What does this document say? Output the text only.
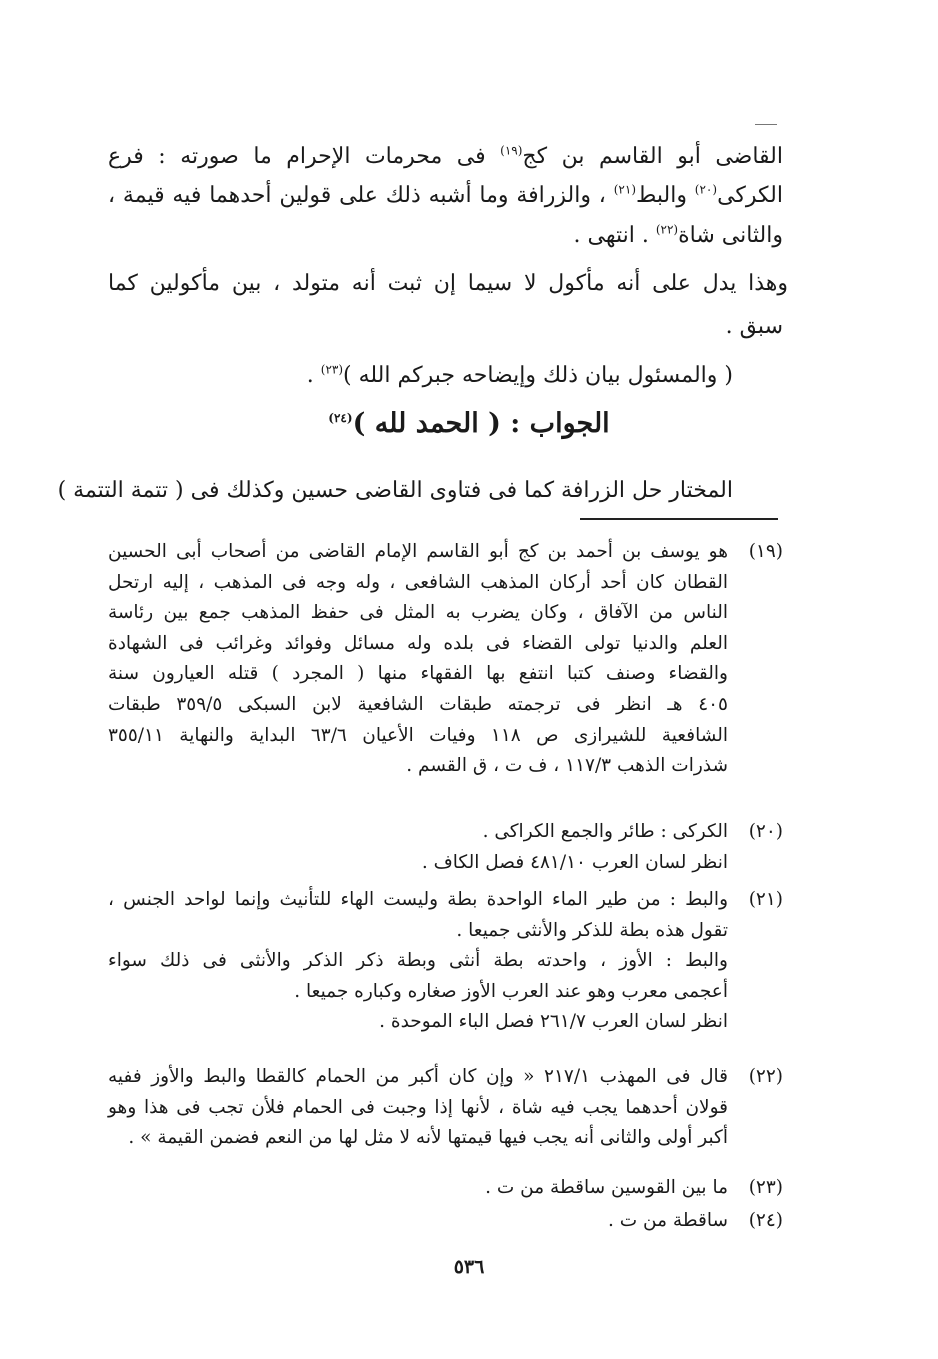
القاضى أبو القاسم بن كج$^{(١٩)}$ فى محرمات الإحرام ما صورته : فرع
الكركى$^{(٢٠)}$ والبط$^{(٢١)}$ ، والزرافة وما أشبه ذلك على قولين أحدهما فيه قيمة ،
والثانى شاة$^{(٢٢)}$ . انتهى .
وهذا يدل على أنه مأكول لا سيما إن ثبت أنه متولد ، بين مأكولين كما
سبق .
( والمسئول بيان ذلك وإيضاحه جبركم الله )$^{(٢٣)}$ .
الجواب : ( الحمد لله )$^{(٢٤)}$
المختار حل الزرافة كما فى فتاوى القاضى حسين وكذلك فى ( تتمة التتمة )
(١٩)
هو يوسف بن أحمد بن كج أبو القاسم الإمام القاضى من أصحاب أبى الحسين
القطان كان أحد أركان المذهب الشافعى ، وله وجه فى المذهب ، إليه ارتحل
الناس من الآفاق ، وكان يضرب به المثل فى حفظ المذهب جمع بين رئاسة
العلم والدنيا تولى القضاء فى بلده وله مسائل وفوائد وغرائب فى الشهادة
والقضاء وصنف كتبا انتفع بها الفقهاء منها ( المجرد ) قتله العيارون سنة
٤٠٥ هـ انظر فى ترجمته طبقات الشافعية لابن السبكى ٣٥٩/٥ طبقات
الشافعية للشيرازى ص ١١٨ وفيات الأعيان ٦٣/٦ البداية والنهاية ٣٥٥/١١
شذرات الذهب ١١٧/٣ ، ف ت ، ق القسم .
(٢٠)
الكركى : طائر والجمع الكراكى .
انظر لسان العرب ٤٨١/١٠ فصل الكاف .
(٢١)
والبط : من طير الماء الواحدة بطة وليست الهاء للتأنيث وإنما لواحد الجنس ،
تقول هذه بطة للذكر والأنثى جميعا .
والبط : الأوز ، واحدته بطة أنثى وبطة ذكر الذكر والأنثى فى ذلك سواء
أعجمى معرب وهو عند العرب الأوز صغاره وكباره جميعا .
انظر لسان العرب ٢٦١/٧ فصل الباء الموحدة .
(٢٢)
قال فى المهذب ٢١٧/١ « وإن كان أكبر من الحمام كالقطا والبط والأوز ففيه
قولان أحدهما يجب فيه شاة ، لأنها إذا وجبت فى الحمام فلأن تجب فى هذا وهو
أكبر أولى والثانى أنه يجب فيها قيمتها لأنه لا مثل لها من النعم فضمن القيمة » .
(٢٣)
ما بين القوسين ساقطة من ت .
(٢٤)
ساقطة من ت .
٥٣٦
